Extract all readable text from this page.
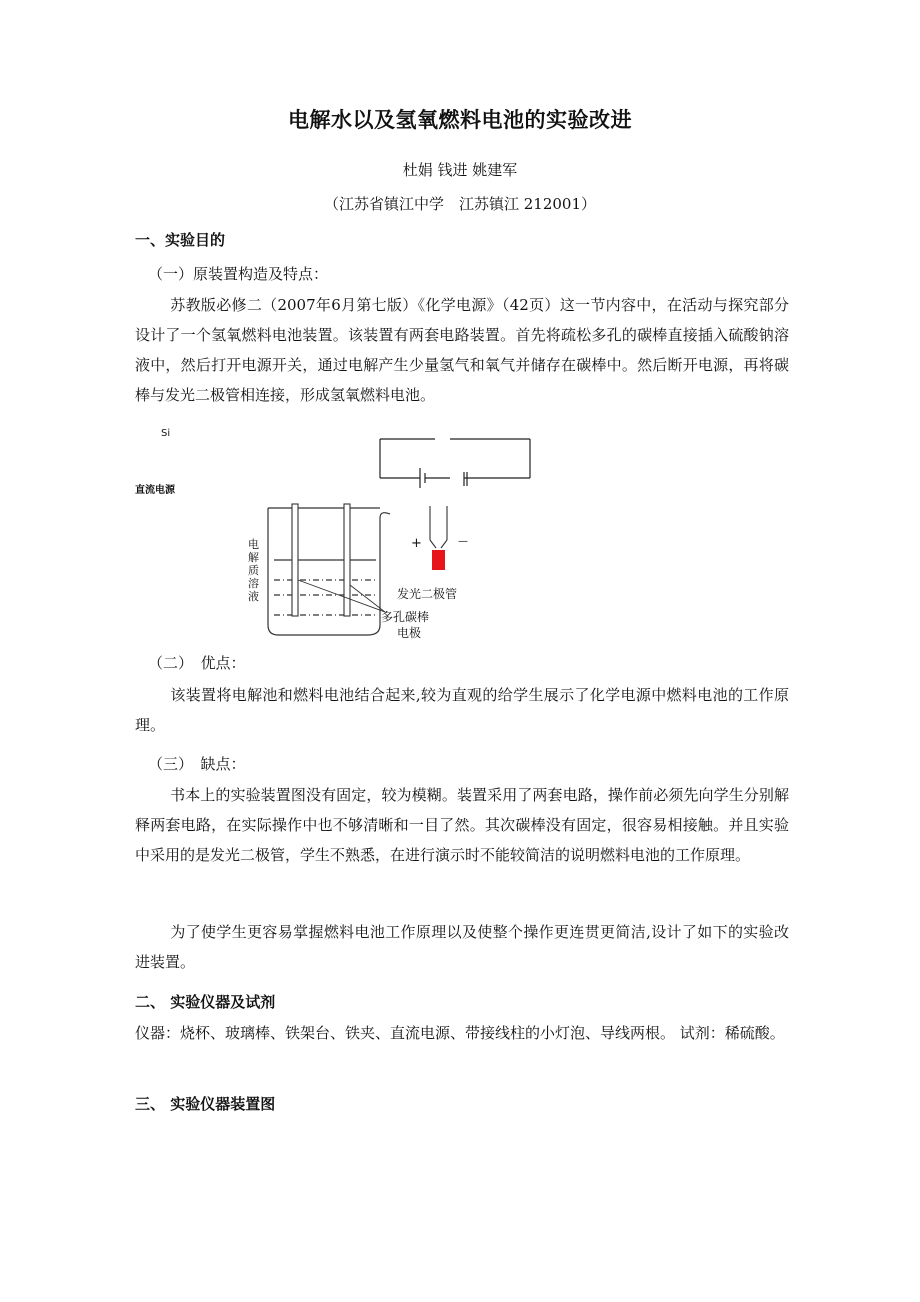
电解水以及氢氧燃料电池的实验改进
杜娟 钱进 姚建军
（江苏省镇江中学　江苏镇江 212001）
一、实验目的
（一）原装置构造及特点：
苏教版必修二（2007年6月第七版）《化学电源》（42页）这一节内容中，在活动与探究部分设计了一个氢氧燃料电池装置。该装置有两套电路装置。首先将疏松多孔的碳棒直接插入硫酸钠溶液中，然后打开电源开关，通过电解产生少量氢气和氧气并储存在碳棒中。然后断开电源，再将碳棒与发光二极管相连接，形成氢氧燃料电池。
Si
直流电源
+	—
发光二极管
多孔碳棒
电极
电解质溶液
（二）　优点：
该装置将电解池和燃料电池结合起来,较为直观的给学生展示了化学电源中燃料电池的工作原理。
（三）　缺点：
书本上的实验装置图没有固定，较为模糊。装置采用了两套电路，操作前必须先向学生分别解释两套电路，在实际操作中也不够清晰和一目了然。其次碳棒没有固定，很容易相接触。并且实验中采用的是发光二极管，学生不熟悉，在进行演示时不能较简洁的说明燃料电池的工作原理。
为了使学生更容易掌握燃料电池工作原理以及使整个操作更连贯更简洁,设计了如下的实验改进装置。
二、 实验仪器及试剂
仪器：烧杯、玻璃棒、铁架台、铁夹、直流电源、带接线柱的小灯泡、导线两根。 试剂：稀硫酸。
三、 实验仪器装置图
